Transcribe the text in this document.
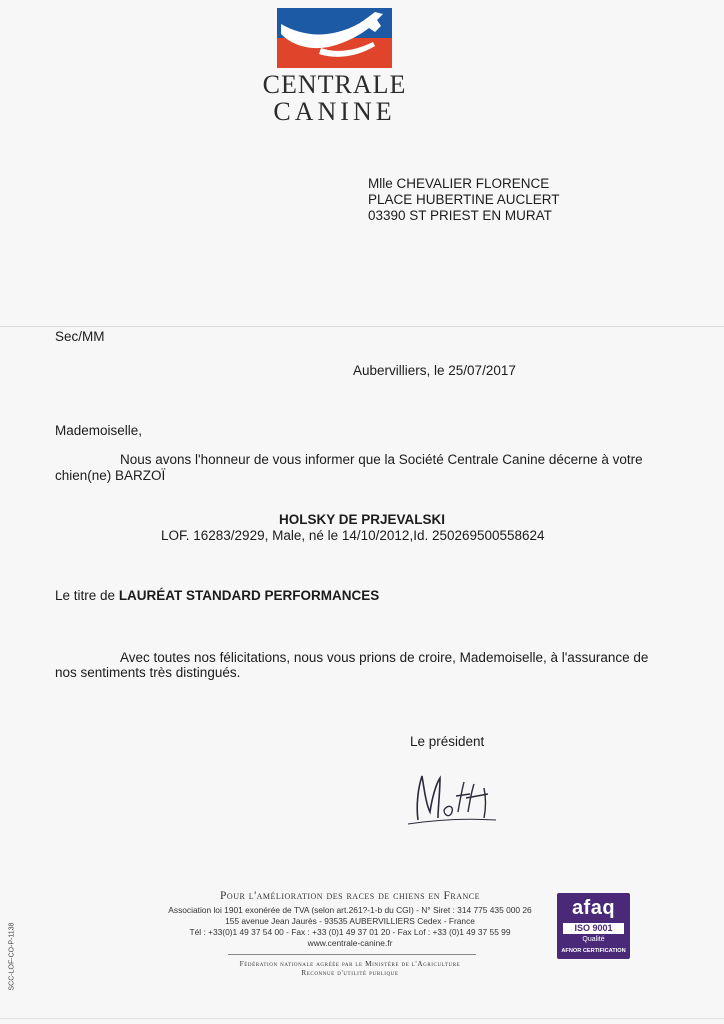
CENTRALE
CANINE
Mlle CHEVALIER FLORENCE
PLACE HUBERTINE AUCLERT
03390 ST PRIEST EN MURAT
Sec/MM
Aubervilliers, le 25/07/2017
Mademoiselle,
Nous avons l'honneur de vous informer que la Société Centrale Canine décerne à votre
chien(ne) BARZOÏ
HOLSKY DE PRJEVALSKI
LOF. 16283/2929, Male, né le 14/10/2012,Id. 250269500558624
Le titre de LAURÉAT STANDARD PERFORMANCES
Avec toutes nos félicitations, nous vous prions de croire, Mademoiselle, à l'assurance de
nos sentiments très distingués.
Le président
Pour l'amélioration des races de chiens en France
Association loi 1901 exonérée de TVA (selon art.261?-1-b du CGI) - N° Siret : 314 775 435 000 26
155 avenue Jean Jaurès - 93535 AUBERVILLIERS Cedex - France
Tél : +33(0)1 49 37 54 00 - Fax : +33 (0)1 49 37 01 20 - Fax Lof : +33 (0)1 49 37 55 99
www.centrale-canine.fr
Fédération nationale agréée par le Ministère de l'Agriculture
Reconnue d'utilité publique
SCC-LOF-CO-P-1138
afaq
ISO 9001
Qualité
AFNOR CERTIFICATION
